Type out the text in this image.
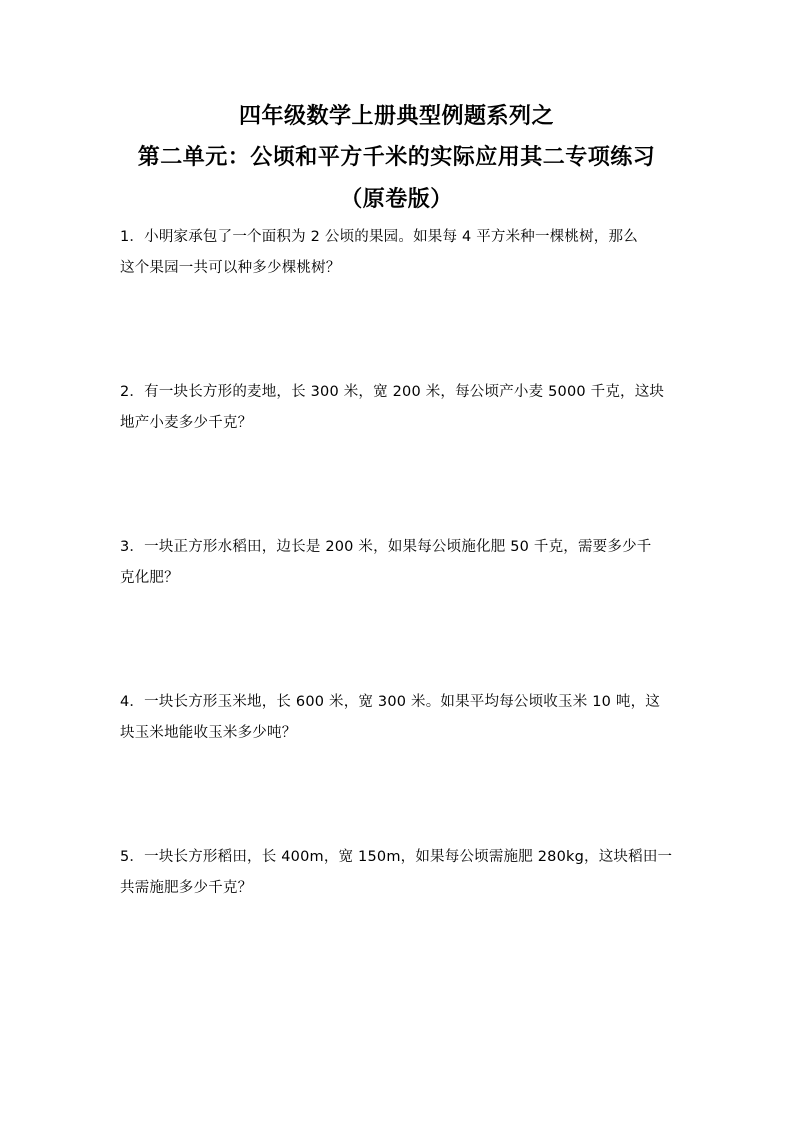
四年级数学上册典型例题系列之
第二单元：公顷和平方千米的实际应用其二专项练习
（原卷版）
1．小明家承包了一个面积为 2 公顷的果园。如果每 4 平方米种一棵桃树，那么
这个果园一共可以种多少棵桃树？
2．有一块长方形的麦地，长 300 米，宽 200 米，每公顷产小麦 5000 千克，这块
地产小麦多少千克？
3．一块正方形水稻田，边长是 200 米，如果每公顷施化肥 50 千克，需要多少千
克化肥？
4．一块长方形玉米地，长 600 米，宽 300 米。如果平均每公顷收玉米 10 吨，这
块玉米地能收玉米多少吨？
5．一块长方形稻田，长 400m，宽 150m，如果每公顷需施肥 280kg，这块稻田一
共需施肥多少千克？
